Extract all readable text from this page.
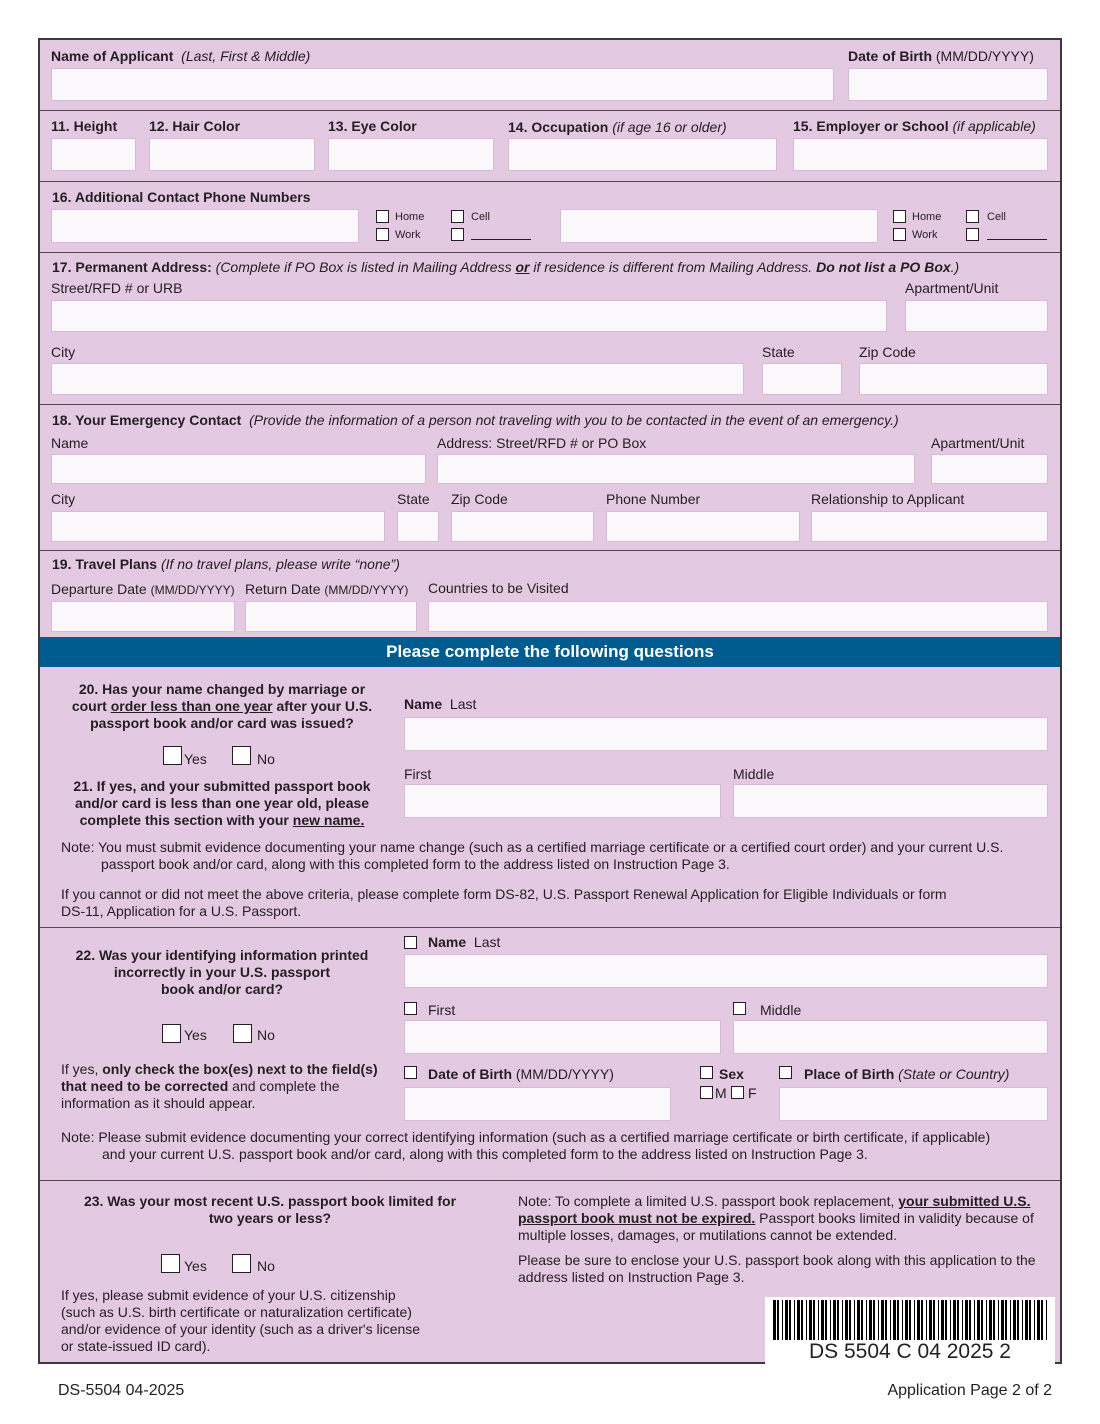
Name of Applicant (Last, First & Middle)	Date of Birth (MM/DD/YYYY)
11. Height 12. Hair Color	13. Eye Color	14. Occupation (if age 16 or older)	15. Employer or School (if applicable)
16. Additional Contact Phone Numbers
Home	Cell
Work
Home	Cell
Work
17. Permanent Address: (Complete if PO Box is listed in Mailing Address or if residence is different from Mailing Address. Do not list a PO Box.)
Street/RFD # or URB	Apartment/Unit
City	State	Zip Code
18. Your Emergency Contact (Provide the information of a person not traveling with you to be contacted in the event of an emergency.)
Name	Address: Street/RFD # or PO Box	Apartment/Unit
City	State Zip Code	Phone Number	Relationship to Applicant
19. Travel Plans (If no travel plans, please write “none”)
Departure Date (MM/DD/YYYY) Return Date (MM/DD/YYYY) Countries to be Visited
Please complete the following questions
20. Has your name changed by marriage or
court order less than one year after your U.S.
passport book and/or card was issued?
Yes	No
21. If yes, and your submitted passport book
and/or card is less than one year old, please
complete this section with your new name.
Name Last
First	Middle
Note: You must submit evidence documenting your name change (such as a certified marriage certificate or a certified court order) and your current U.S.
passport book and/or card, along with this completed form to the address listed on Instruction Page 3.
If you cannot or did not meet the above criteria, please complete form DS-82, U.S. Passport Renewal Application for Eligible Individuals or form
DS-11, Application for a U.S. Passport.
22. Was your identifying information printed
incorrectly in your U.S. passport
book and/or card?
Yes	No
If yes, only check the box(es) next to the field(s)
that need to be corrected and complete the
information as it should appear.
Name Last
First	Middle
Date of Birth (MM/DD/YYYY)	Sex
M F
Place of Birth (State or Country)
Note: Please submit evidence documenting your correct identifying information (such as a certified marriage certificate or birth certificate, if applicable)
and your current U.S. passport book and/or card, along with this completed form to the address listed on Instruction Page 3.
23. Was your most recent U.S. passport book limited for
two years or less?
Yes	No
If yes, please submit evidence of your U.S. citizenship
(such as U.S. birth certificate or naturalization certificate)
and/or evidence of your identity (such as a driver's license
or state-issued ID card).
Note: To complete a limited U.S. passport book replacement, your submitted U.S.
passport book must not be expired. Passport books limited in validity because of
multiple losses, damages, or mutilations cannot be extended.
Please be sure to enclose your U.S. passport book along with this application to the
address listed on Instruction Page 3.
DS 5504 C 04 2025 2
DS-5504 04-2025	Application Page 2 of 2
